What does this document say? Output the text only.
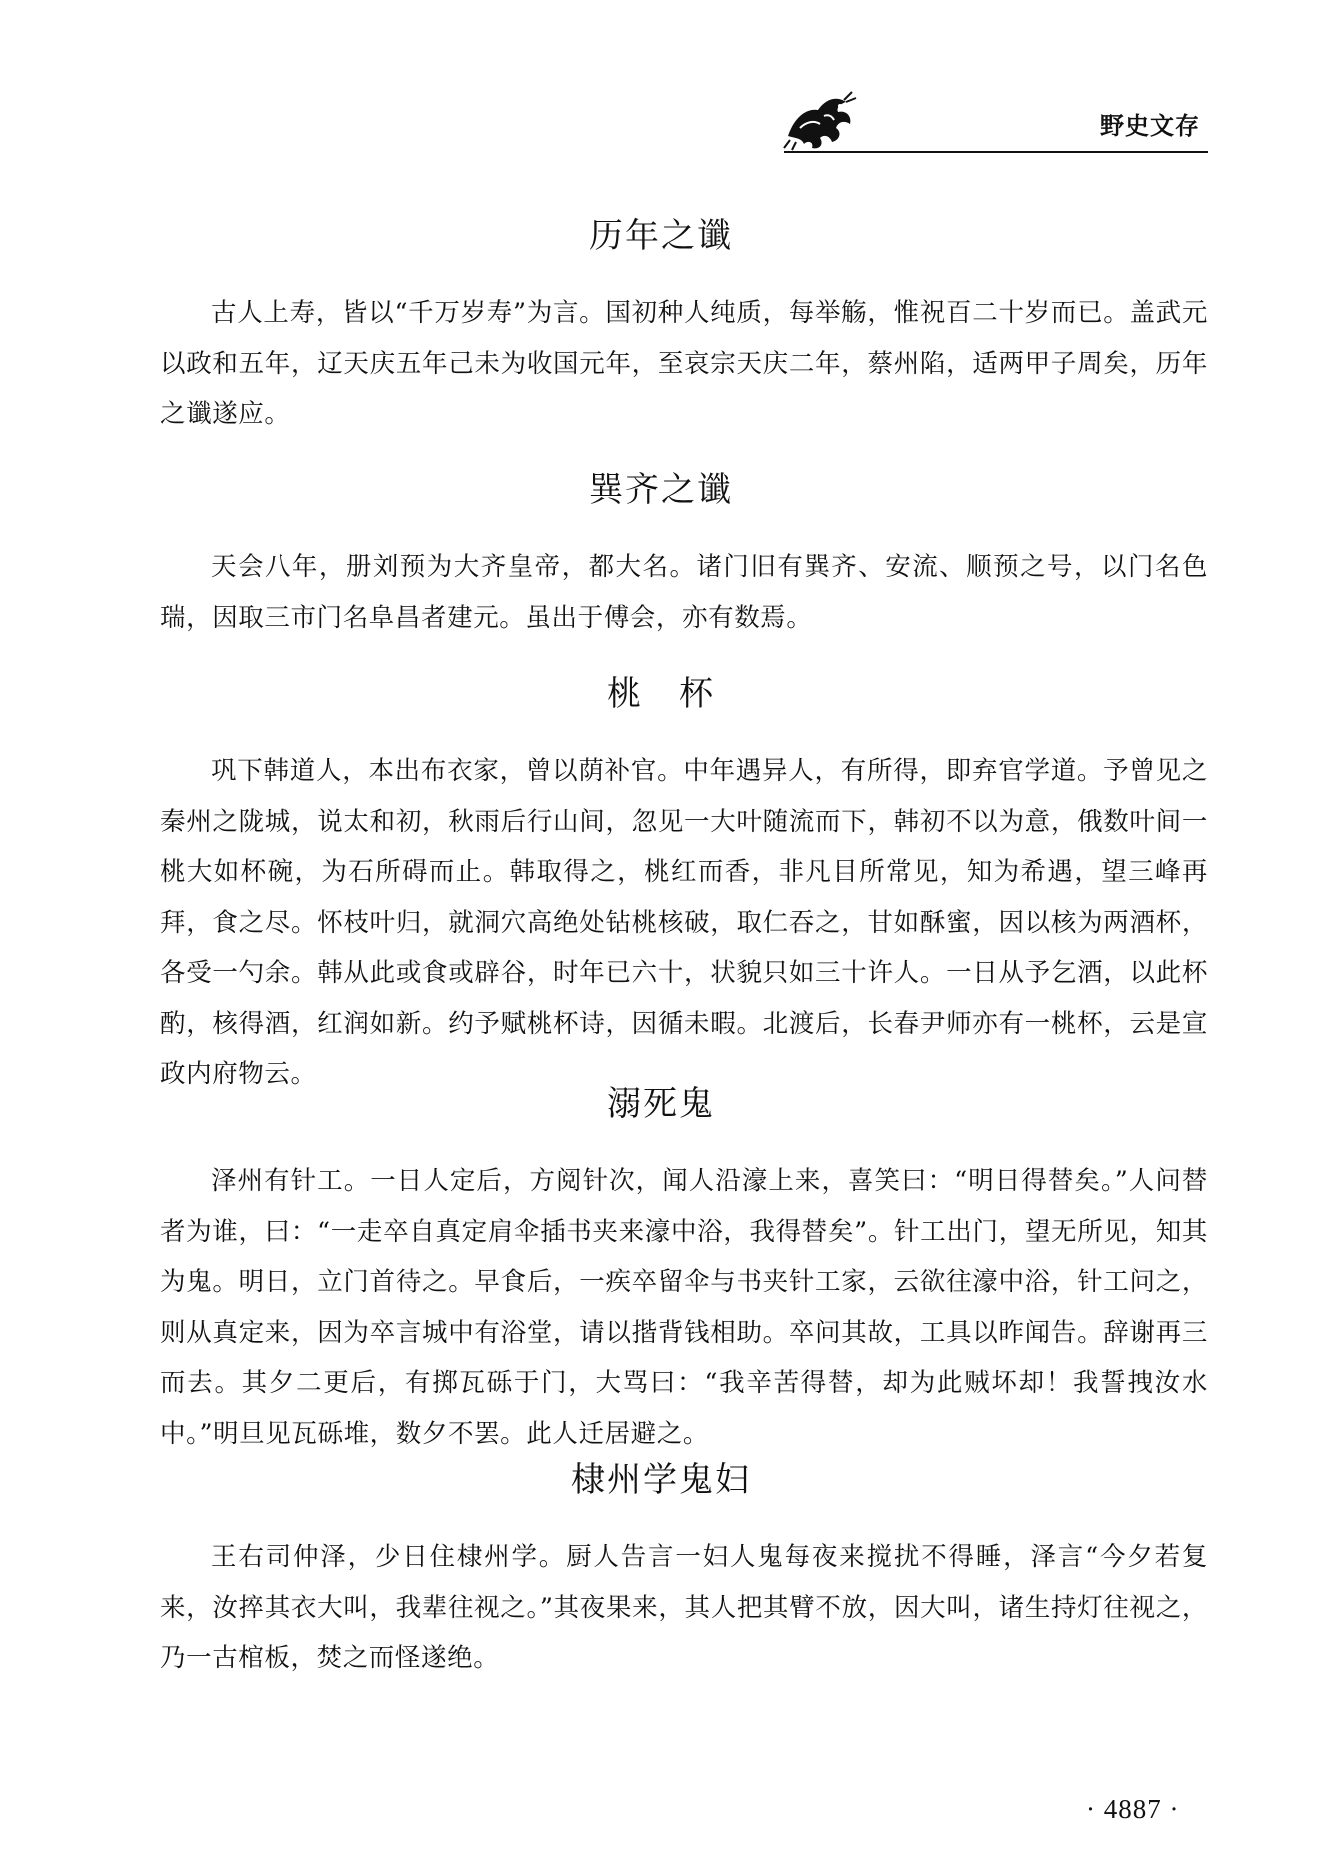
野史文存
历年之谶

古人上寿，皆以“千万岁寿”为言。国初种人纯质，每举觞，惟祝百二十岁而已。盖武元以政和五年，辽天庆五年己未为收国元年，至哀宗天庆二年，蔡州陷，适两甲子周矣，历年之谶遂应。

巽齐之谶

天会八年，册刘预为大齐皇帝，都大名。诸门旧有巽齐、安流、顺预之号，以门名色瑞，因取三市门名阜昌者建元。虽出于傅会，亦有数焉。

桃　杯

巩下韩道人，本出布衣家，曾以荫补官。中年遇异人，有所得，即弃官学道。予曾见之秦州之陇城，说太和初，秋雨后行山间，忽见一大叶随流而下，韩初不以为意，俄数叶间一桃大如杯碗，为石所碍而止。韩取得之，桃红而香，非凡目所常见，知为希遇，望三峰再拜，食之尽。怀枝叶归，就洞穴高绝处钻桃核破，取仁吞之，甘如酥蜜，因以核为两酒杯，各受一勺余。韩从此或食或辟谷，时年已六十，状貌只如三十许人。一日从予乞酒，以此杯酌，核得酒，红润如新。约予赋桃杯诗，因循未暇。北渡后，长春尹师亦有一桃杯，云是宣政内府物云。

溺死鬼

泽州有针工。一日人定后，方阅针次，闻人沿濠上来，喜笑曰：“明日得替矣。”人问替者为谁，曰：“一走卒自真定肩伞插书夹来濠中浴，我得替矣”。针工出门，望无所见，知其为鬼。明日，立门首待之。早食后，一疾卒留伞与书夹针工家，云欲往濠中浴，针工问之，则从真定来，因为卒言城中有浴堂，请以揩背钱相助。卒问其故，工具以昨闻告。辞谢再三而去。其夕二更后，有掷瓦砾于门，大骂曰：“我辛苦得替，却为此贼坏却！我誓拽汝水中。”明旦见瓦砾堆，数夕不罢。此人迁居避之。

棣州学鬼妇

王右司仲泽，少日住棣州学。厨人告言一妇人鬼每夜来搅扰不得睡，泽言“今夕若复来，汝捽其衣大叫，我辈往视之。”其夜果来，其人把其臂不放，因大叫，诸生持灯往视之，乃一古棺板，焚之而怪遂绝。

· 4887 ·
